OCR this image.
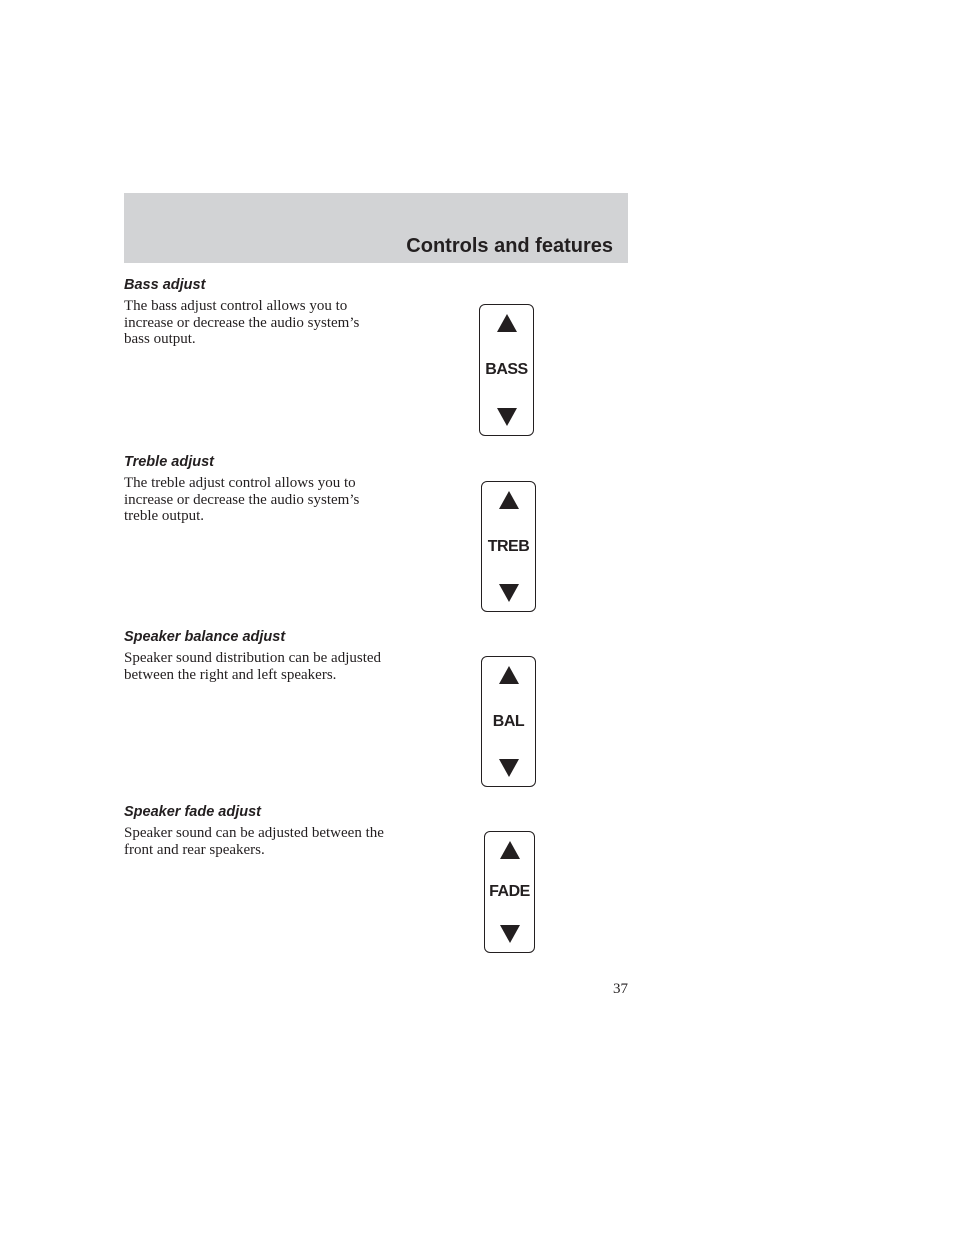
Controls and features
Bass adjust

The bass adjust control allows you to increase or decrease the audio system’s bass output.

BASS
Treble adjust

The treble adjust control allows you to increase or decrease the audio system’s treble output.

TREB
Speaker balance adjust

Speaker sound distribution can be adjusted between the right and left speakers.

BAL
Speaker fade adjust

Speaker sound can be adjusted between the front and rear speakers.

FADE
37
